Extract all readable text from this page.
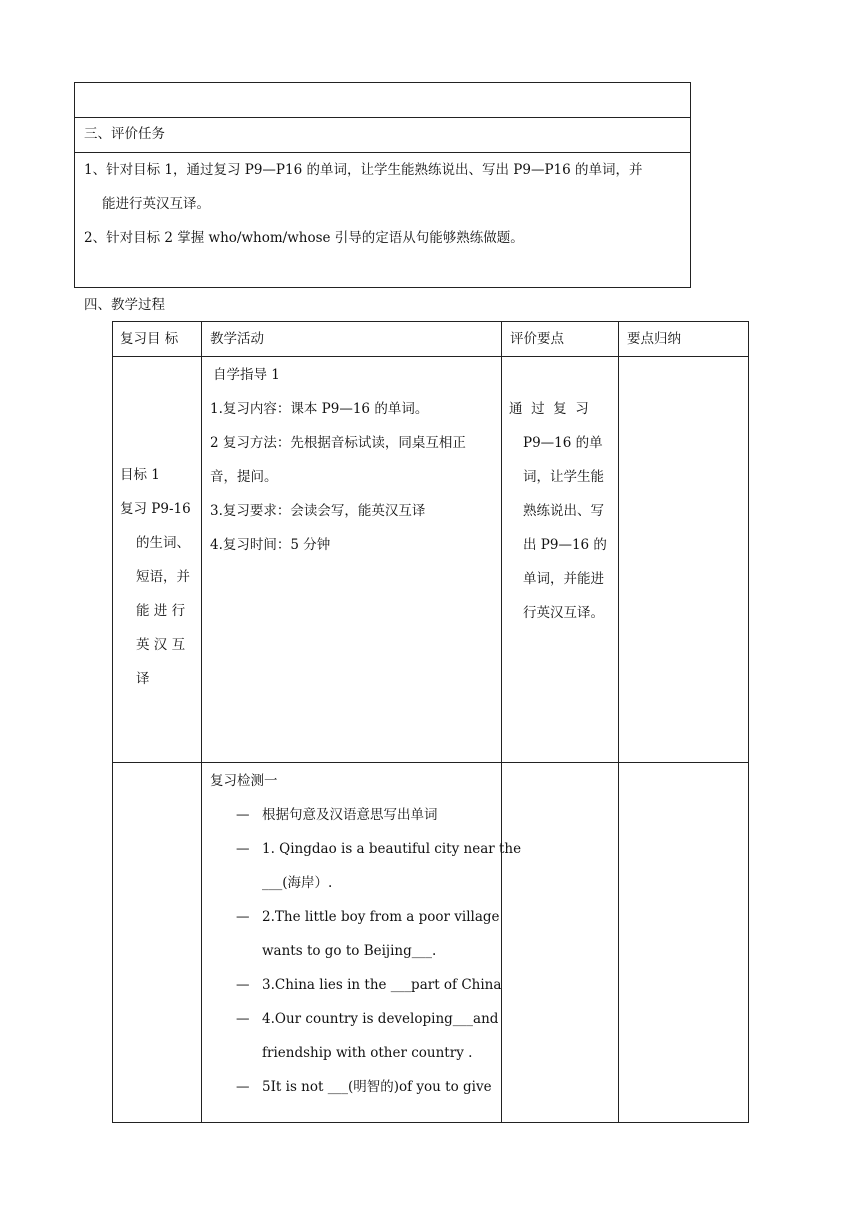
三、评价任务
1、针对目标 1，通过复习 P9—P16 的单词，让学生能熟练说出、写出 P9—P16 的单词，并
能进行英汉互译。
2、针对目标 2 掌握 who/whom/whose 引导的定语从句能够熟练做题。
四、教学过程
复习目 标 教学活动	评价要点	要点归纳
目标 1
复习 P9-16
的生词、
短语，并
能 进 行
英 汉 互
译
自学指导 1
1.复习内容：课本 P9—16 的单词。
2 复习方法：先根据音标试读，同桌互相正
音，提问。
3.复习要求：会读会写，能英汉互译
4.复习时间：5 分钟
通  过  复  习
P9—16 的单
词，让学生能
熟练说出、写
出 P9—16 的
单词，并能进
行英汉互译。
复习检测一
— 根据句意及汉语意思写出单词
— 1. Qingdao is a beautiful city near the
___(海岸）.
— 2.The little boy from a poor village
wants to go to Beijing___.
— 3.China lies in the ___part of China
— 4.Our country is developing___and
friendship with other country .
— 5It is not ___(明智的)of you to give
